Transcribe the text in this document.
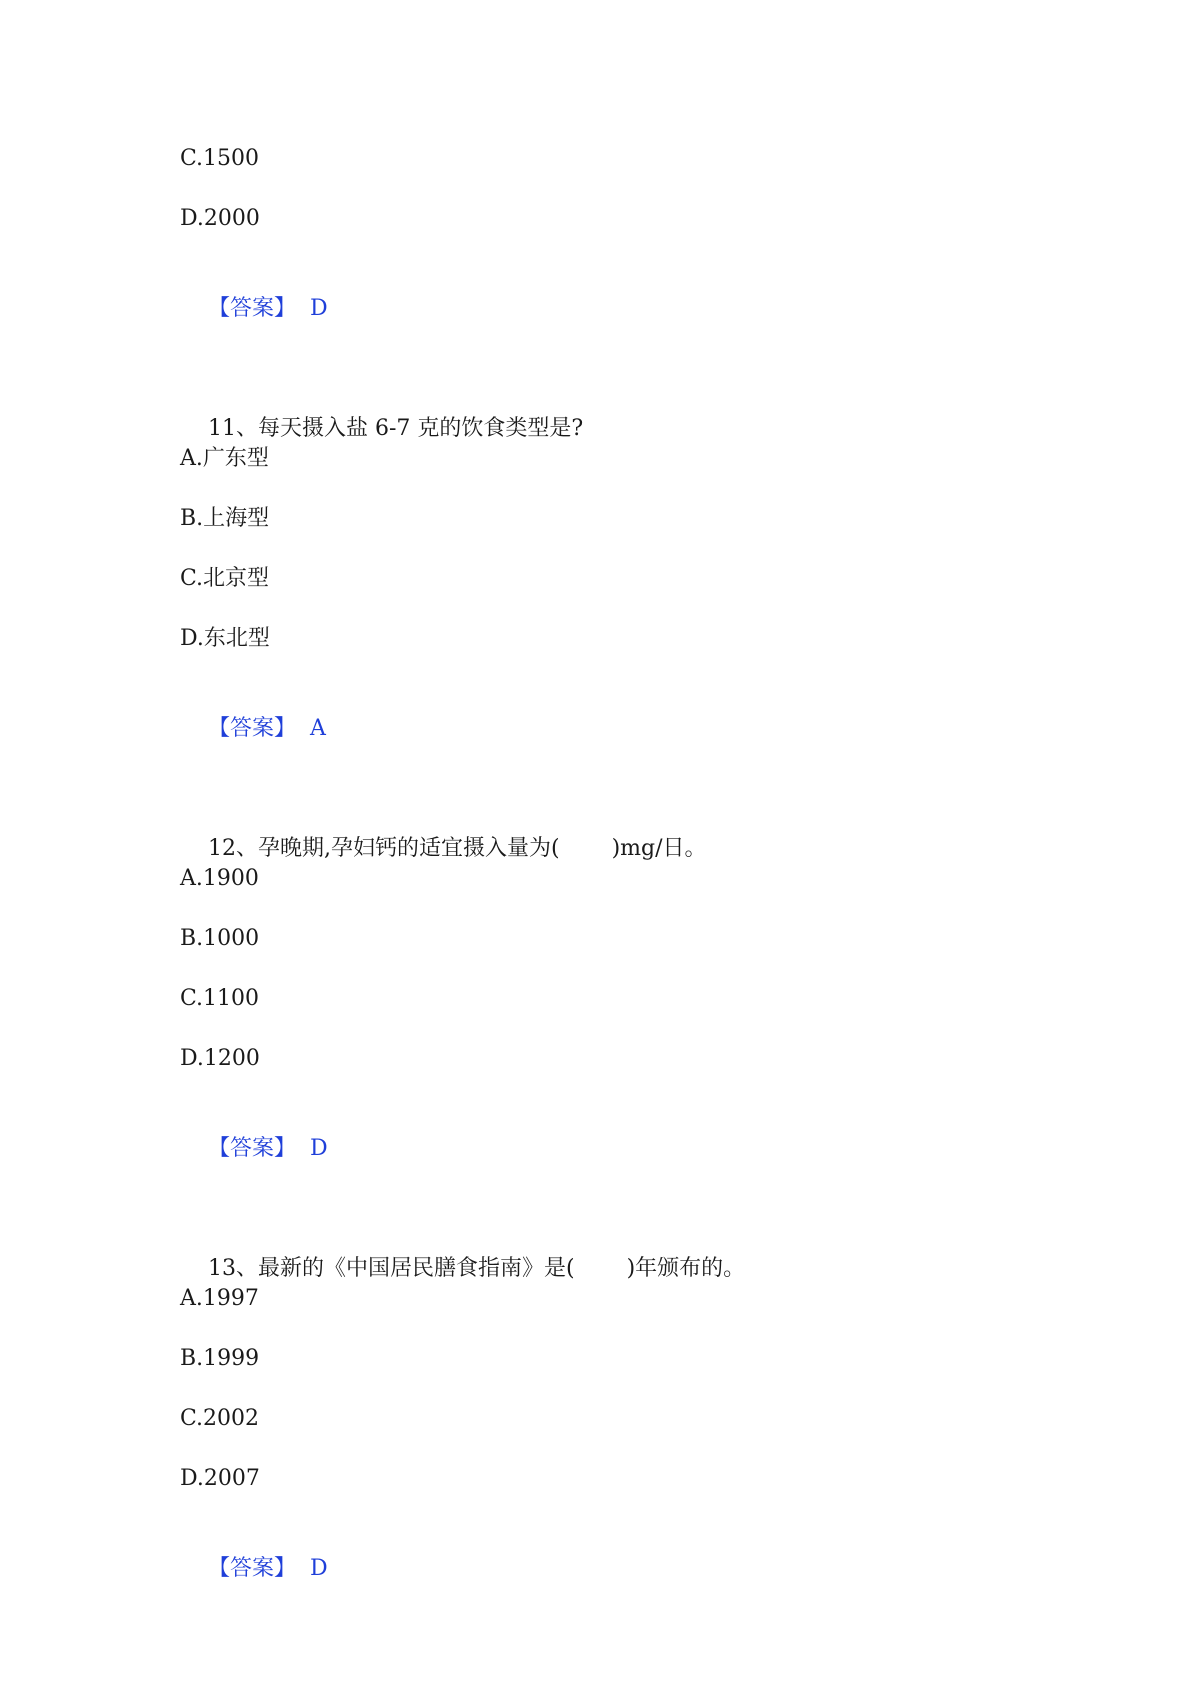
C.1500
D.2000

【答案】 D

11、每天摄入盐 6-7 克的饮食类型是?

A.广东型
B.上海型
C.北京型
D.东北型

【答案】 A

12、孕晚期,孕妇钙的适宜摄入量为( )mg/日。

A.1900
B.1000
C.1100
D.1200

【答案】 D

13、最新的《中国居民膳食指南》是( )年颁布的。

A.1997
B.1999
C.2002
D.2007

【答案】 D
